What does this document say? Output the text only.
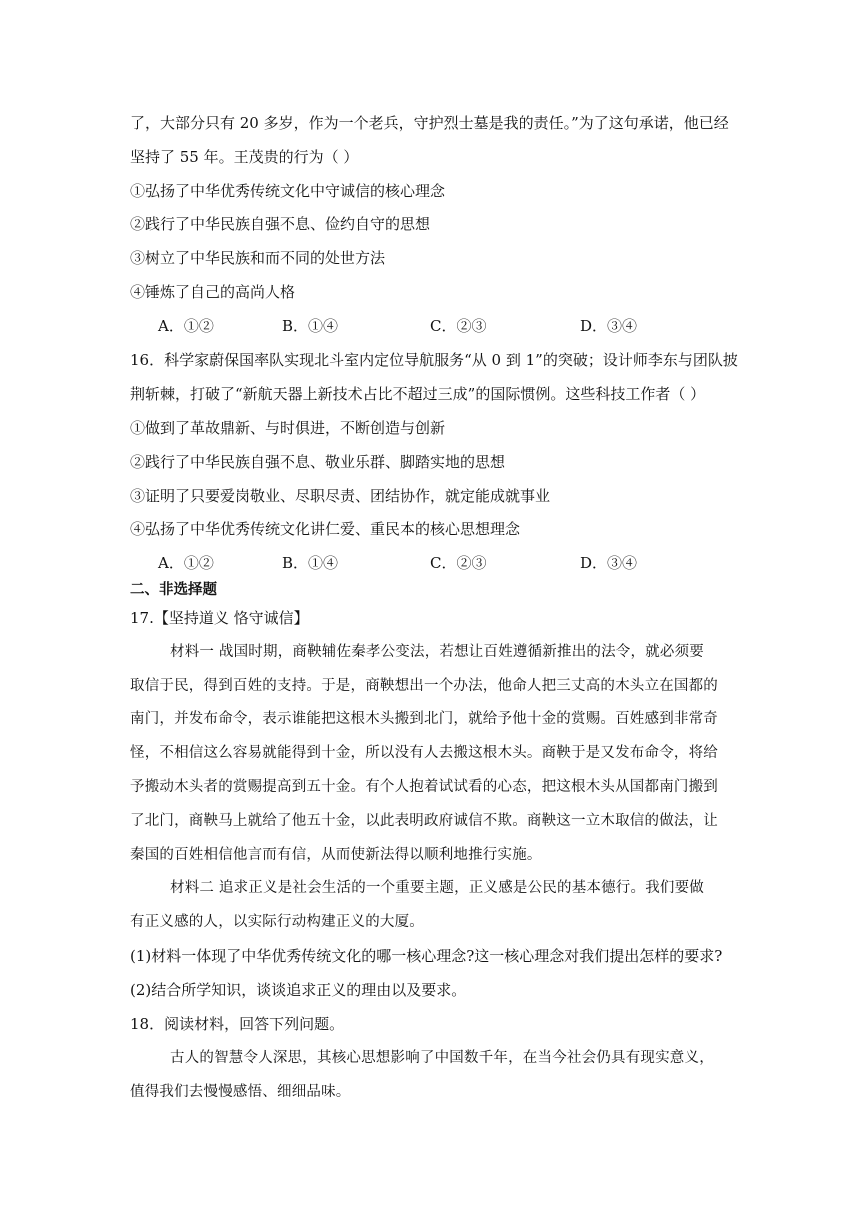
了，大部分只有 20 多岁，作为一个老兵，守护烈士墓是我的责任。”为了这句承诺，他已经
坚持了 55 年。王茂贵的行为（ ）
①弘扬了中华优秀传统文化中守诚信的核心理念
②践行了中华民族自强不息、俭约自守的思想
③树立了中华民族和而不同的处世方法
④锤炼了自己的高尚人格
A．①②	B．①④	C．②③	D．③④
16．科学家蔚保国率队实现北斗室内定位导航服务“从 0 到 1”的突破；设计师李东与团队披
荆斩棘，打破了“新航天器上新技术占比不超过三成”的国际惯例。这些科技工作者（ ）
①做到了革故鼎新、与时俱进，不断创造与创新
②践行了中华民族自强不息、敬业乐群、脚踏实地的思想
③证明了只要爱岗敬业、尽职尽责、团结协作，就定能成就事业
④弘扬了中华优秀传统文化讲仁爱、重民本的核心思想理念
A．①②	B．①④	C．②③	D．③④
二、非选择题
17.【坚持道义 恪守诚信】
材料一 战国时期，商鞅辅佐秦孝公变法，若想让百姓遵循新推出的法令，就必须要
取信于民，得到百姓的支持。于是，商鞅想出一个办法，他命人把三丈高的木头立在国都的
南门，并发布命令，表示谁能把这根木头搬到北门，就给予他十金的赏赐。百姓感到非常奇
怪，不相信这么容易就能得到十金，所以没有人去搬这根木头。商鞅于是又发布命令，将给
予搬动木头者的赏赐提高到五十金。有个人抱着试试看的心态，把这根木头从国都南门搬到
了北门，商鞅马上就给了他五十金，以此表明政府诚信不欺。商鞅这一立木取信的做法，让
秦国的百姓相信他言而有信，从而使新法得以顺利地推行实施。
材料二 追求正义是社会生活的一个重要主题，正义感是公民的基本德行。我们要做
有正义感的人，以实际行动构建正义的大厦。
(1)材料一体现了中华优秀传统文化的哪一核心理念?这一核心理念对我们提出怎样的要求?
(2)结合所学知识，谈谈追求正义的理由以及要求。
18．阅读材料，回答下列问题。
古人的智慧令人深思，其核心思想影响了中国数千年，在当今社会仍具有现实意义，
值得我们去慢慢感悟、细细品味。
